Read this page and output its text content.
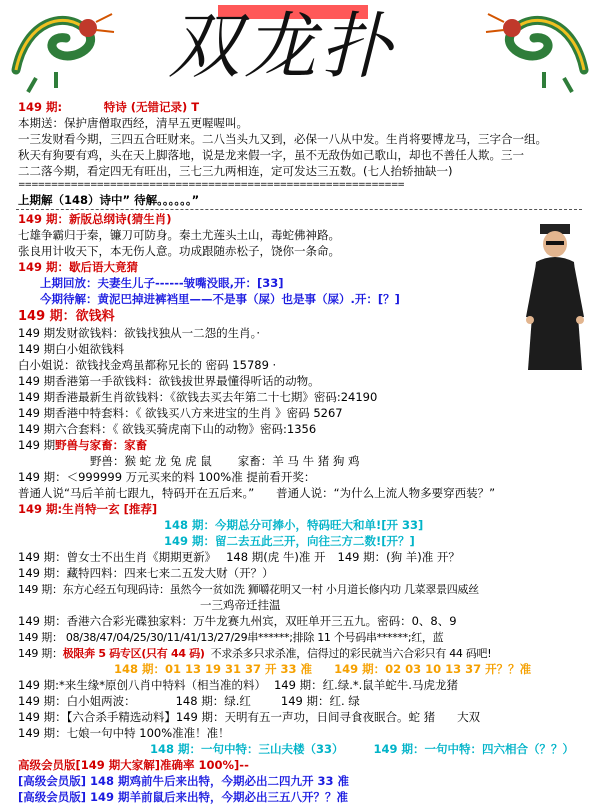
双龙扑
149 期:	特诗 (无错记录) T
本期送：保护唐僧取西经，清早五更喔喔叫。
一三发财看今期，三四五合旺财来。二八当头九又到，必保一八从中发。生肖将要博龙马，三字合一组。
秋天有狗要有鸡，头在天上脚落地，说是龙来假一字，虽不无敌伪如己歌山，却也不善任人欺。三一
二二落今期，看定四无有旺出，三七三九两相连，定可发达三五数。(七人抬轿抽缺一)
===========================================================
上期解（148）诗中” 待解。。。。。。”
149 期：新版总纲诗(猜生肖)
七雄争霸归于秦，镰刀可防身。秦土尤莲头土山，毒蛇佛神路。
张良用计收天下，本无伤人意。功成跟随赤松子，饶你一条命。
149 期：歇后语大竟猜
上期回放：夫妻生儿子------皱嘴没眼,开：[33]
今期待解：黄泥巴掉进裤裆里——不是事（屎）也是事（屎）.开：[？]
149 期：欲钱料
149 期发财欲钱料：欲钱找独从一二怨的生肖。·
149 期白小姐欲钱料
白小姐说：欲钱找金鸡虽都称兄长的 密码 15789 ·
149 期香港第一手欲钱料：欲钱拔世界最懂得听话的动物。
149 期香港最新生肖欲钱料：《欲钱去买去年第二十七期》密码:24190
149 期香港中特套料：《 欲钱买八方来进宝的生肖 》密码 5267
149 期六合套料：《 欲钱买骑虎南下山的动物》密码:1356
149 期野兽与家畜：家畜
野兽：猴 蛇 龙 兔 虎 鼠 家畜：羊 马 牛 猪 狗 鸡
149 期：＜999999 万元买来的料 100%准 提前看开奖：
普通人说“马后羊前七跟九，特码开在五后来。” 普通人说：“为什么上流人物多要穿西装？”
149 期:生肖特一玄 [推荐]
148 期：今期总分可捧小，特码旺大和单![开 33]
149 期：留二去五此三开，向往三方二数![开？]
149 期：曾女士不出生肖《期期更新》 148 期(虎 牛)准 开 149 期：(狗 羊)准 开？
149 期：藏特四料：四来七来二五发大财（开？）
149 期：东方心经五句现码诗：虽然今一贫如洗 狮嚼花明又一村 小月道长修内功 几菜翠景四威丝
一三鸡帝迁挂温
149 期：香港六合彩光碟独家料：万牛龙赛九州宾，双旺单开三五九。密码：0、8、9
149 期： 08/38/47/04/25/30/11/41/13/27/29串******;排除 11 个号码串******;红，蓝
149 期：极限奔 5 码专区(只有 44 码) 不求杀多只求杀准，信得过的彩民就当六合彩只有 44 码吧!
148 期：01 13 19 31 37 开 33 准 149 期：02 03 10 13 37 开？？准
149 期:*来生缘*原创八肖中特料（相当准的料） 149 期：红.绿.*.鼠羊蛇牛.马虎龙猪
149 期：白小姐两波：	148 期：绿.红	149 期：红. 绿
149 期：【六合杀手精选动料】149 期：天明有五一声功，日间寻食夜眠合。蛇 猪 大双
149 期：七娘一句中特 100%准准！准！
148 期：一句中特：三山夫楼（33）	149 期：一句中特：四六相合（？？）
高级会员版[149 期大家解]准确率 100%]--
[高级会员版] 148 期鸡前牛后来出特，今期必出二四九开 33 准
[高级会员版] 149 期羊前鼠后来出特，今期必出三五八开？？准
